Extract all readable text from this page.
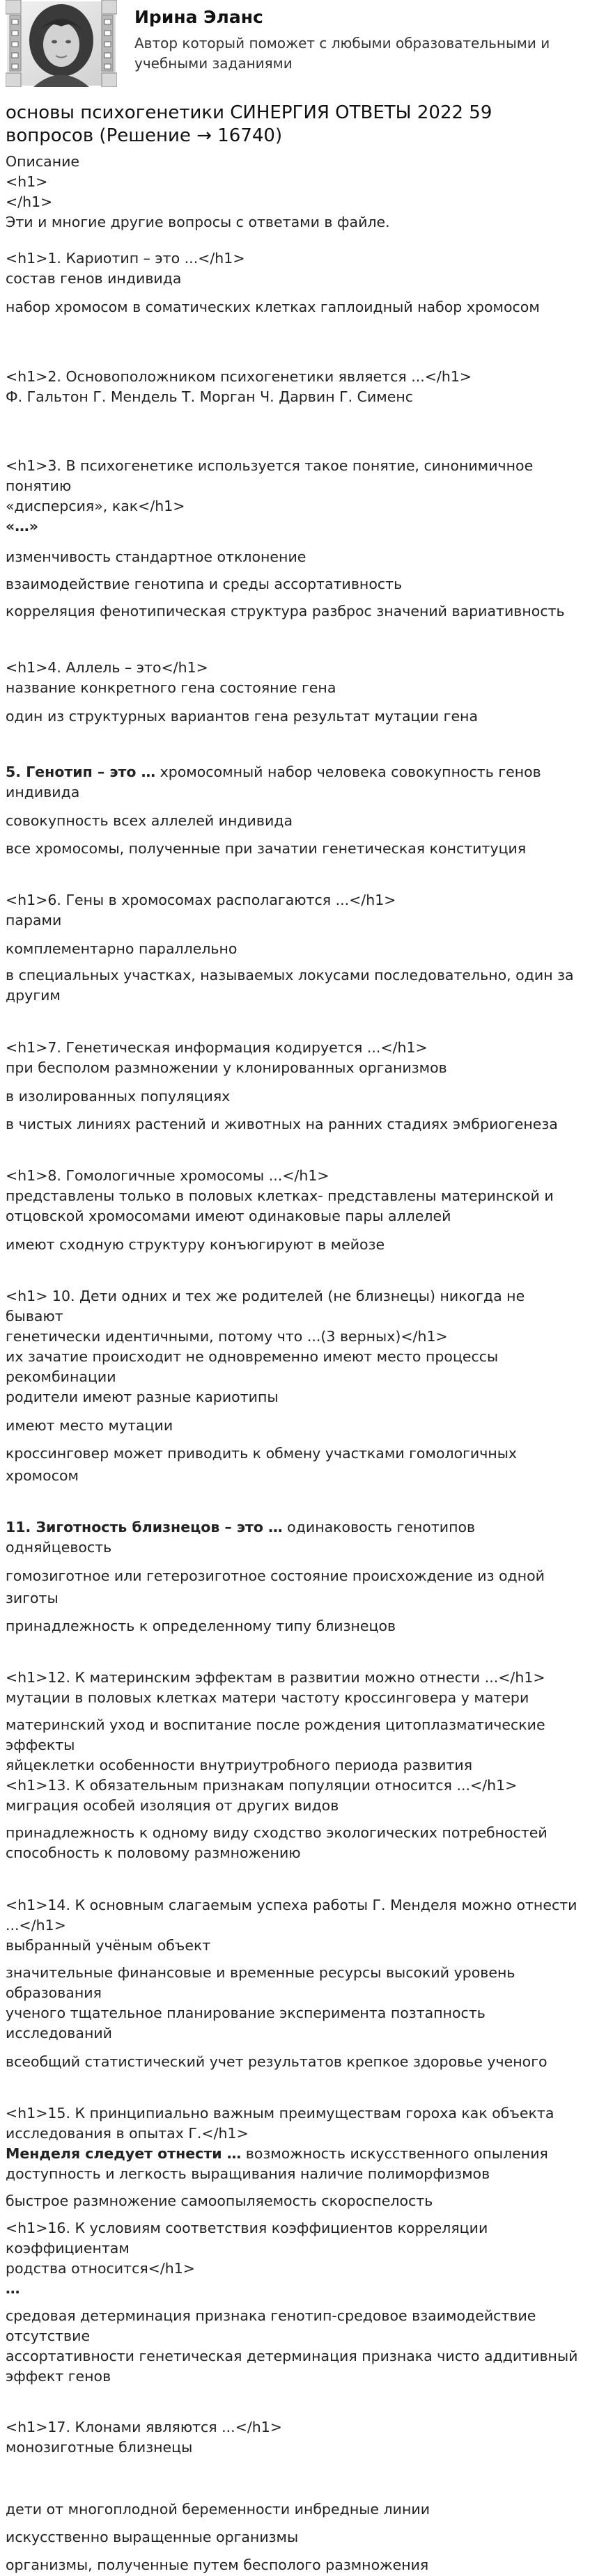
Ирина Эланс
Автор который поможет с любыми образовательными и учебными заданиями
основы психогенетики СИНЕРГИЯ ОТВЕТЫ 2022 59 вопросов (Решение → 16740)
Описание
<h1>
</h1>
Эти и многие другие вопросы с ответами в файле.
<h1>1. Кариотип – это ...</h1>
состав генов индивида
набор хромосом в соматических клетках гаплоидный набор хромосом
<h1>2. Основоположником психогенетики является ...</h1>
Ф. Гальтон Г. Мендель Т. Морган Ч. Дарвин Г. Сименс
<h1>3. В психогенетике используется такое понятие, синонимичное понятию
«дисперсия», как</h1>
«…»
изменчивость стандартное отклонение
взаимодействие генотипа и среды ассортативность
корреляция фенотипическая структура разброс значений вариативность
<h1>4. Аллель – это</h1>
название конкретного гена состояние гена
один из структурных вариантов гена результат мутации гена
5. Генотип – это … хромосомный набор человека совокупность генов индивида
совокупность всех аллелей индивида
все хромосомы, полученные при зачатии генетическая конституция
<h1>6. Гены в хромосомах располагаются ...</h1>
парами
комплементарно параллельно
в специальных участках, называемых локусами последовательно, один за
другим
<h1>7. Генетическая информация кодируется ...</h1>
при бесполом размножении у клонированных организмов
в изолированных популяциях
в чистых линиях растений и животных на ранних стадиях эмбриогенеза
<h1>8. Гомологичные хромосомы ...</h1>
представлены только в половых клетках- представлены материнской и
отцовской хромосомами имеют одинаковые пары аллелей
имеют сходную структуру конъюгируют в мейозе
<h1> 10. Дети одних и тех же родителей (не близнецы) никогда не бывают
генетически идентичными, потому что ...(3 верных)</h1>
их зачатие происходит не одновременно имеют место процессы рекомбинации
родители имеют разные кариотипы
имеют место мутации
кроссинговер может приводить к обмену участками гомологичных хромосом
11. Зиготность близнецов – это … одинаковость генотипов одняйцевость
гомозиготное или гетерозиготное состояние происхождение из одной зиготы
принадлежность к определенному типу близнецов
<h1>12. К материнским эффектам в развитии можно отнести ...</h1>
мутации в половых клетках матери частоту кроссинговера у матери
материнский уход и воспитание после рождения цитоплазматические эффекты
яйцеклетки особенности внутриутробного периода развития
<h1>13. К обязательным признакам популяции относится ...</h1>
миграция особей изоляция от других видов
принадлежность к одному виду сходство экологических потребностей
способность к половому размножению
<h1>14. К основным слагаемым успеха работы Г. Менделя можно отнести
...</h1>
выбранный учёным объект
значительные финансовые и временные ресурсы высокий уровень образования
ученого тщательное планирование эксперимента позтапность исследований
всеобщий статистический учет результатов крепкое здоровье ученого
<h1>15. К принципиально важным преимуществам гороха как объекта
исследования в опытах Г.</h1>
Менделя следует отнести … возможность искусственного опыления
доступность и легкость выращивания наличие полиморфизмов
быстрое размножение самоопыляемость скороспелость
<h1>16. К условиям соответствия коэффициентов корреляции коэффициентам
родства относится</h1>
…
средовая детерминация признака генотип-средовое взаимодействие отсутствие
ассортативности генетическая детерминация признака чисто аддитивный
эффект генов
<h1>17. Клонами являются ...</h1>
монозиготные близнецы
дети от многоплодной беременности инбредные линии
искусственно выращенные организмы
организмы, полученные путем бесполого размножения
